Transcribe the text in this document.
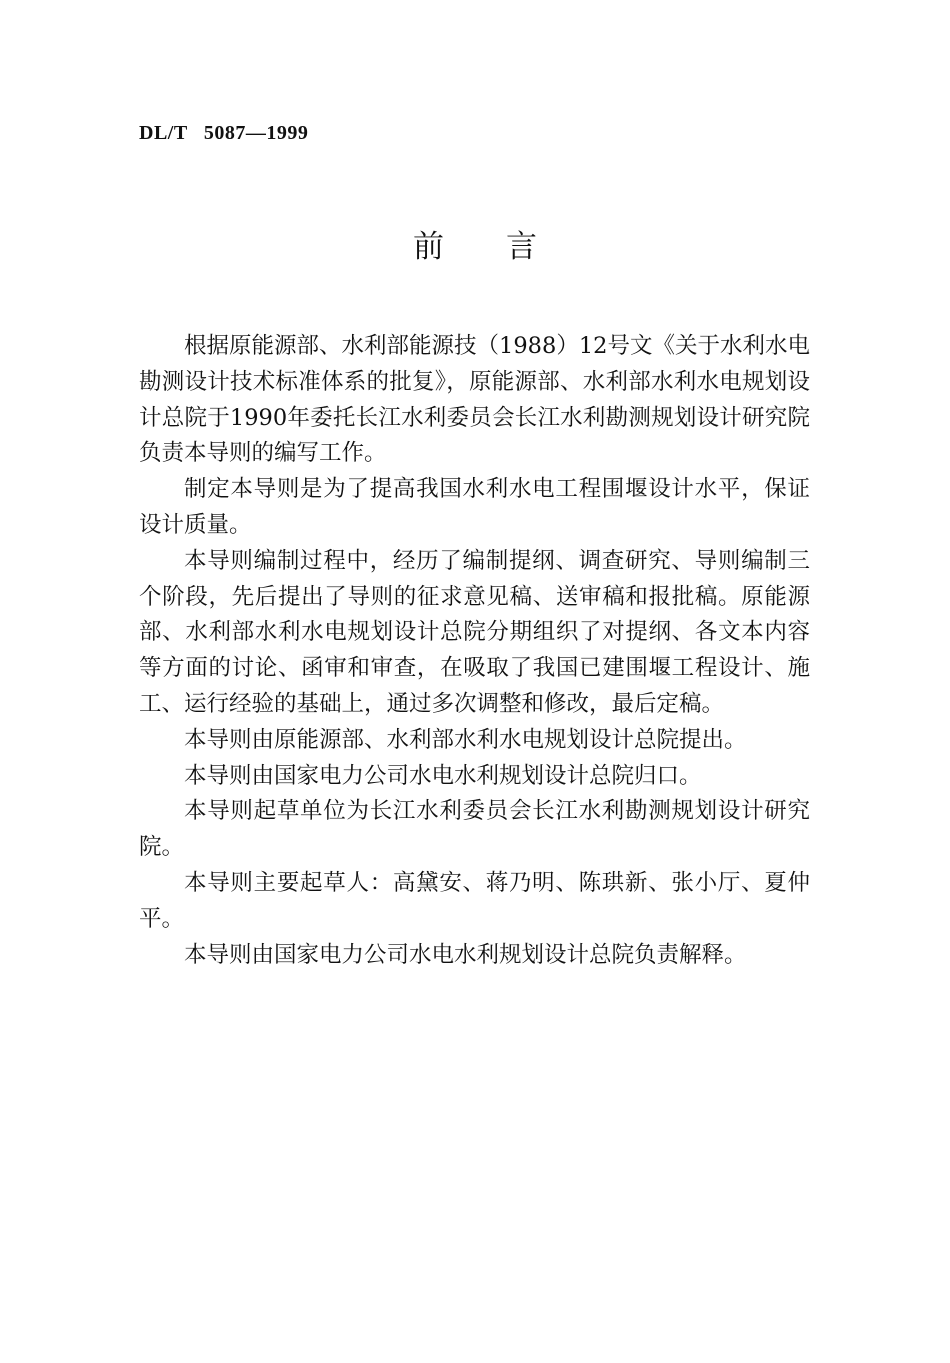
DL/T   5087—1999
前　　言

根据原能源部、水利部能源技（1988）12号文《关于水利水电勘测设计技术标准体系的批复》，原能源部、水利部水利水电规划设计总院于1990年委托长江水利委员会长江水利勘测规划设计研究院负责本导则的编写工作。

制定本导则是为了提高我国水利水电工程围堰设计水平，保证设计质量。

本导则编制过程中，经历了编制提纲、调查研究、导则编制三个阶段，先后提出了导则的征求意见稿、送审稿和报批稿。原能源部、水利部水利水电规划设计总院分期组织了对提纲、各文本内容等方面的讨论、函审和审查，在吸取了我国已建围堰工程设计、施工、运行经验的基础上，通过多次调整和修改，最后定稿。

本导则由原能源部、水利部水利水电规划设计总院提出。

本导则由国家电力公司水电水利规划设计总院归口。

本导则起草单位为长江水利委员会长江水利勘测规划设计研究院。

本导则主要起草人：高黛安、蒋乃明、陈珙新、张小厅、夏仲平。

本导则由国家电力公司水电水利规划设计总院负责解释。
